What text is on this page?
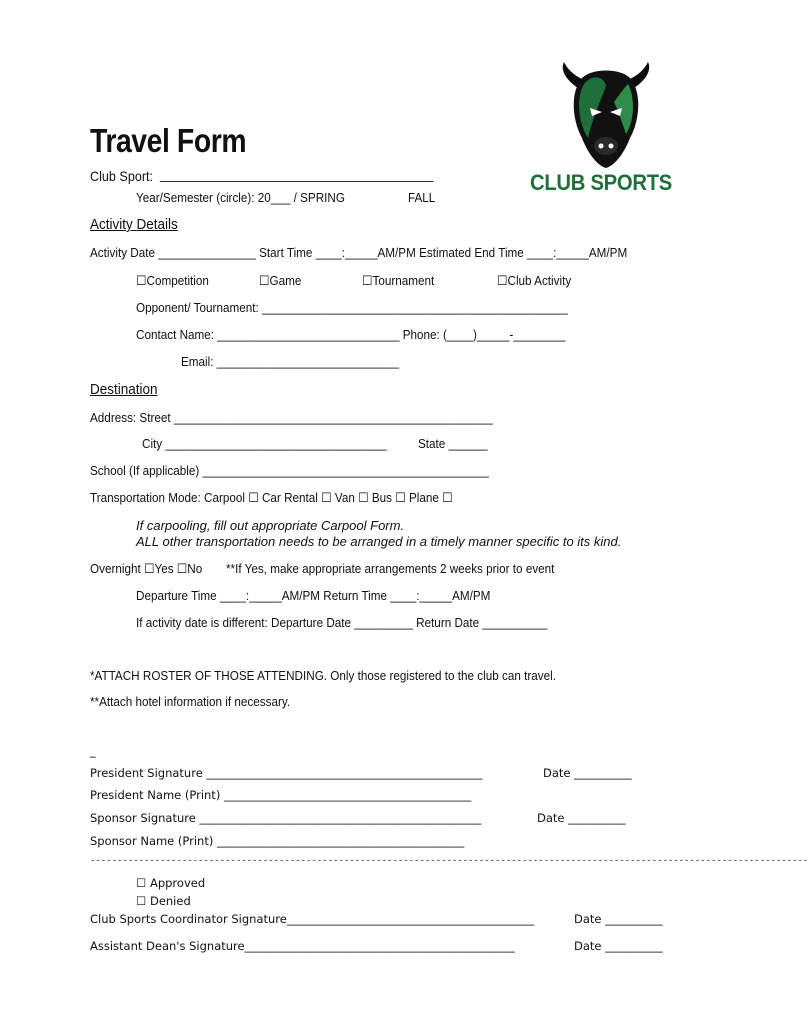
CLUB SPORTS
Travel Form
Club Sport: _______________________________________
Year/Semester (circle): 20___ / SPRING	FALL
Activity Details
Activity Date _______________ Start Time ____:_____AM/PM Estimated End Time ____:_____AM/PM
☐Competition	☐Game	☐Tournament	☐Club Activity
Opponent/ Tournament: _______________________________________________
Contact Name: ____________________________ Phone: (____)_____-________
Email: ____________________________
Destination
Address: Street _________________________________________________
City __________________________________ State ______
School (If applicable) ____________________________________________
Transportation Mode: Carpool ☐ Car Rental ☐ Van ☐ Bus ☐ Plane ☐
If carpooling, fill out appropriate Carpool Form.
ALL other transportation needs to be arranged in a timely manner specific to its kind.
Overnight ☐Yes ☐No **If Yes, make appropriate arrangements 2 weeks prior to event
Departure Time ____:_____AM/PM Return Time ____:_____AM/PM
If activity date is different: Departure Date _________ Return Date __________
*ATTACH ROSTER OF THOSE ATTENDING. Only those registered to the club can travel.
**Attach hotel information if necessary.
_
President Signature ________________________________________________	Date __________
President Name (Print) ___________________________________________
Sponsor Signature _________________________________________________	Date __________
Sponsor Name (Print) ___________________________________________
-------------------------------------------------------------------------------------------------------------------------------------
☐ Approved
☐ Denied
Club Sports Coordinator Signature___________________________________________	Date __________
Assistant Dean's Signature_______________________________________________	Date __________
